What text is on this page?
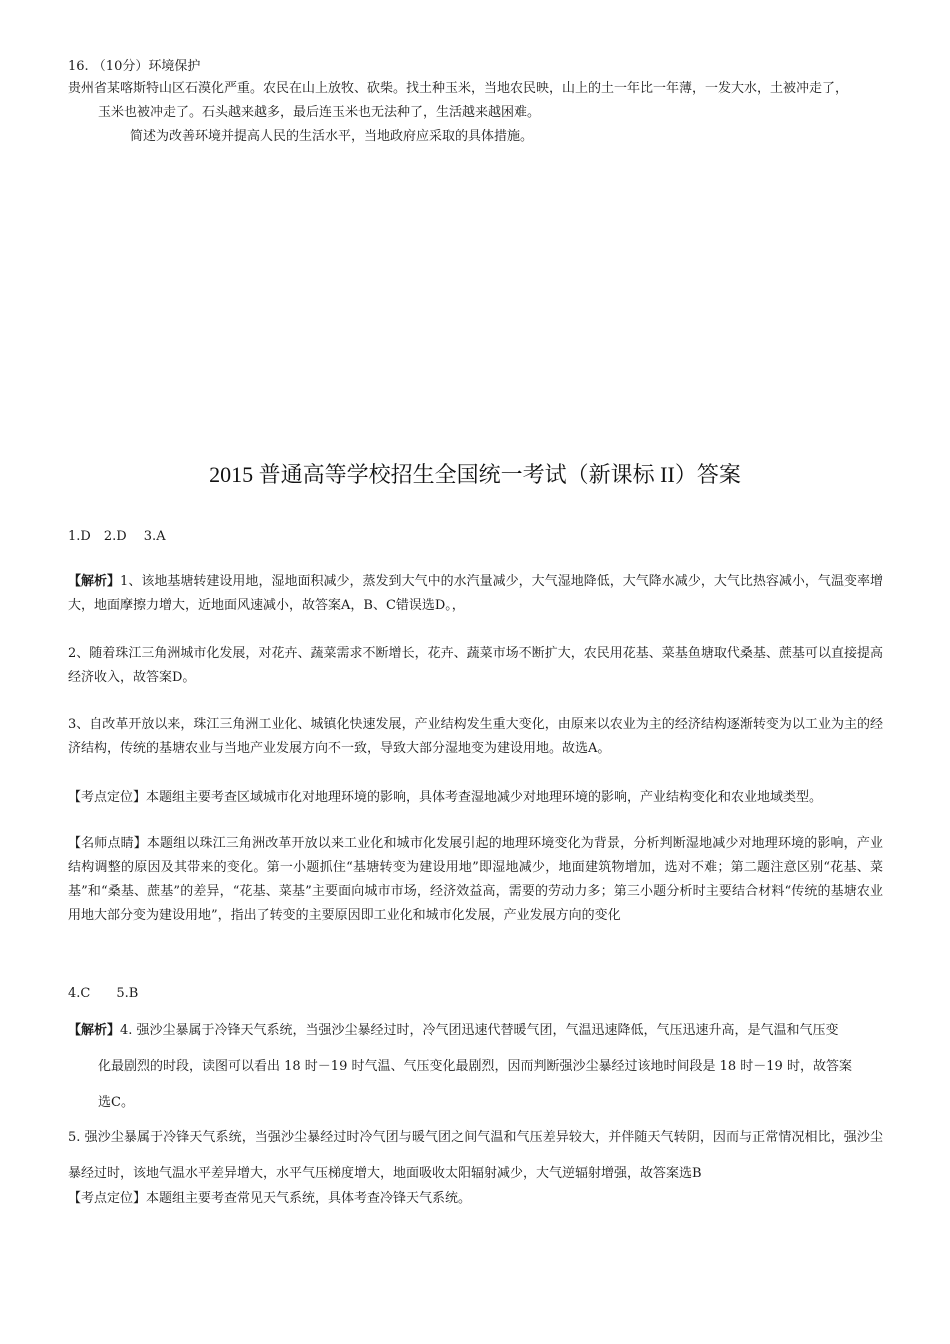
16. （10分）环境保护
贵州省某喀斯特山区石漠化严重。农民在山上放牧、砍柴。找土种玉米，当地农民映，山上的土一年比一年薄，一发大水，土被冲走了，
玉米也被冲走了。石头越来越多，最后连玉米也无法种了，生活越来越困难。
简述为改善环境并提高人民的生活水平，当地政府应采取的具体措施。
2015 普通高等学校招生全国统一考试（新课标 II）答案
1.D　2.D　 3.A
【解析】1、该地基塘转建设用地，湿地面积减少，蒸发到大气中的水汽量减少，大气湿地降低，大气降水减少，大气比热容减小，气温变率增大，地面摩擦力增大，近地面风速减小，故答案A，B、C错误选D。，
2、随着珠江三角洲城市化发展，对花卉、蔬菜需求不断增长，花卉、蔬菜市场不断扩大，农民用花基、菜基鱼塘取代桑基、蔗基可以直接提高经济收入，故答案D。
3、自改革开放以来，珠江三角洲工业化、城镇化快速发展，产业结构发生重大变化，由原来以农业为主的经济结构逐渐转变为以工业为主的经济结构，传统的基塘农业与当地产业发展方向不一致，导致大部分湿地变为建设用地。故选A。
【考点定位】本题组主要考查区域城市化对地理环境的影响，具体考查湿地减少对地理环境的影响，产业结构变化和农业地域类型。
【名师点睛】本题组以珠江三角洲改革开放以来工业化和城市化发展引起的地理环境变化为背景，分析判断湿地减少对地理环境的影响，产业结构调整的原因及其带来的变化。第一小题抓住“基塘转变为建设用地”即湿地减少，地面建筑物增加，选对不难；第二题注意区别“花基、菜基”和“桑基、蔗基”的差异，“花基、菜基”主要面向城市市场，经济效益高，需要的劳动力多；第三小题分析时主要结合材料“传统的基塘农业用地大部分变为建设用地”，指出了转变的主要原因即工业化和城市化发展，产业发展方向的变化
4.C　　5.B
【解析】4. 强沙尘暴属于冷锋天气系统，当强沙尘暴经过时，冷气团迅速代替暖气团，气温迅速降低，气压迅速升高，是气温和气压变
化最剧烈的时段，读图可以看出 18 时－19 时气温、气压变化最剧烈，因而判断强沙尘暴经过该地时间段是 18 时－19 时，故答案
选C。
5. 强沙尘暴属于冷锋天气系统，当强沙尘暴经过时冷气团与暖气团之间气温和气压差异较大，并伴随天气转阴，因而与正常情况相比，强沙尘暴经过时，该地气温水平差异增大，水平气压梯度增大，地面吸收太阳辐射减少，大气逆辐射增强，故答案选B
【考点定位】本题组主要考查常见天气系统，具体考查冷锋天气系统。
